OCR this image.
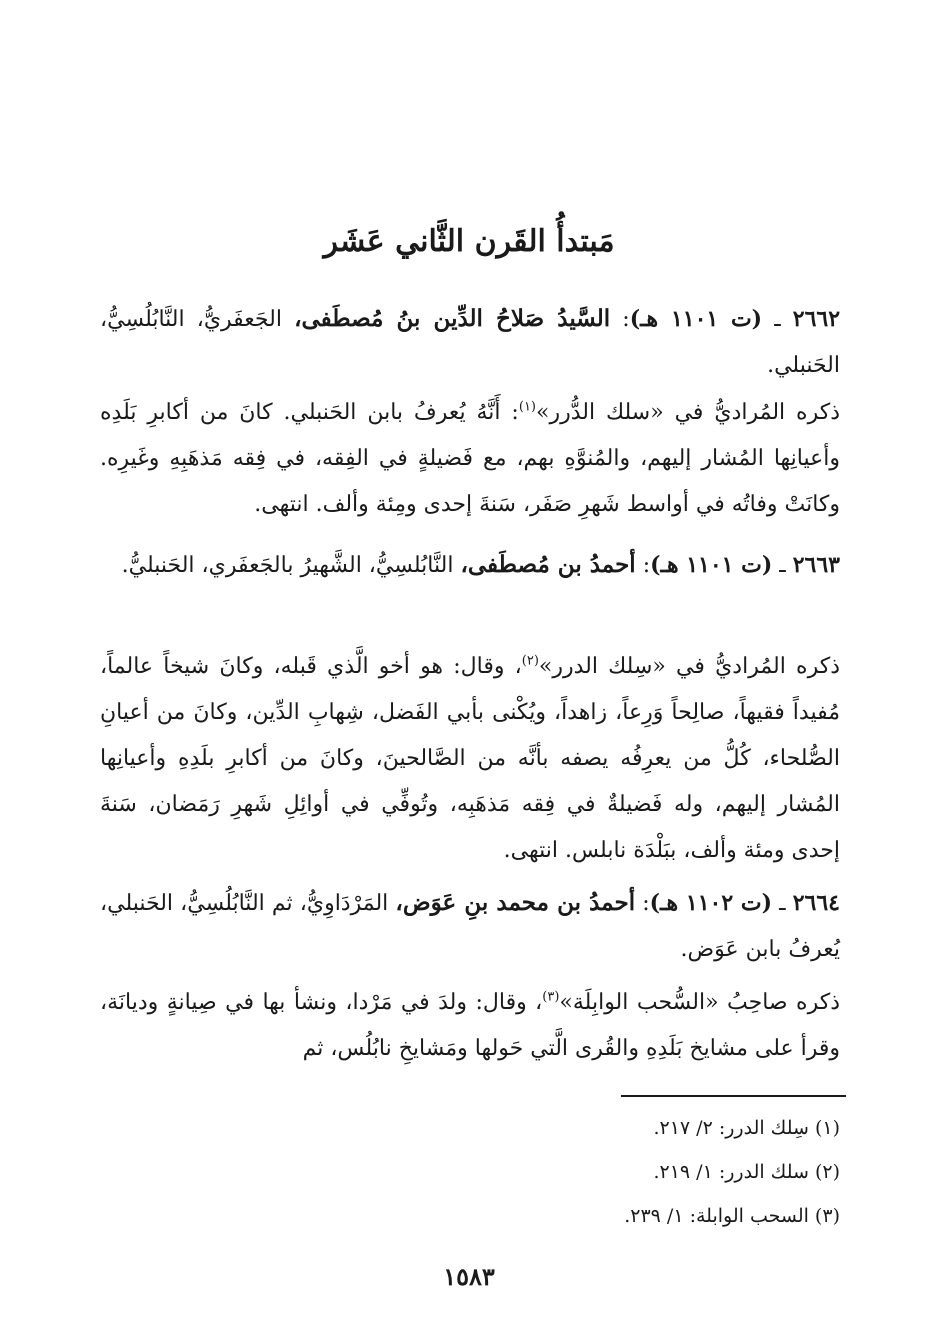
مَبتدأُ القَرن الثَّاني عَشَر

٢٦٦٢ ـ (ت ١١٠١ هـ): السَّيدُ صَلاحُ الدِّين بنُ مُصطَفى، الجَعفَريُّ، النَّابُلُسِيُّ، الحَنبلي.

ذكره المُراديُّ في «سلك الدُّرر»$^{(١)}$: أَنَّهُ يُعرفُ بابن الحَنبلي. كانَ من أكابرِ بَلَدِه وأعيانِها المُشار إليهم، والمُنوَّهِ بهم، مع فَضيلةٍ في الفِقه، في فِقه مَذهَبِهِ وغَيرِه. وكانَتْ وفاتُه في أواسط شَهرِ صَفَر، سَنةَ إحدى ومِئة وألف. انتهى.

٢٦٦٣ ـ (ت ١١٠١ هـ): أحمدُ بن مُصطَفى، النَّابُلسِيُّ، الشَّهيرُ بالجَعفَري، الحَنبليُّ.

ذكره المُراديُّ في «سِلك الدرر»$^{(٢)}$، وقال: هو أخو الَّذي قَبله، وكانَ شيخاً عالماً، مُفيداً فقيهاً، صالِحاً وَرِعاً، زاهداً، ويُكْنى بأبي الفَضل، شِهابِ الدِّين، وكانَ من أعيانِ الصُّلحاء، كُلُّ من يعرِفُه يصفه بأنَّه من الصَّالحينَ، وكانَ من أكابرِ بلَدِهِ وأعيانِها المُشار إليهم، وله فَضيلةٌ في فِقه مَذهَبِه، وتُوفِّي في أوائِلِ شَهرِ رَمَضان، سَنةَ إحدى ومئة وألف، ببَلْدَة نابلس. انتهى.

٢٦٦٤ ـ (ت ١١٠٢ هـ): أحمدُ بن محمد بنِ عَوَض، المَرْدَاوِيُّ، ثم النَّابُلُسِيُّ، الحَنبلي، يُعرفُ بابن عَوَض.

ذكره صاحِبُ «السُّحب الوابِلَة»$^{(٣)}$، وقال: ولدَ في مَرْدا، ونشأ بها في صِيانةٍ وديانَة، وقرأ على مشايخ بَلَدِهِ والقُرى الَّتي حَولها ومَشايخِ نابُلُس، ثم

(١) سِلك الدرر: ٢/ ٢١٧.
(٢) سلك الدرر: ١/ ٢١٩.
(٣) السحب الوابلة: ١/ ٢٣٩.
١٥٨٣
